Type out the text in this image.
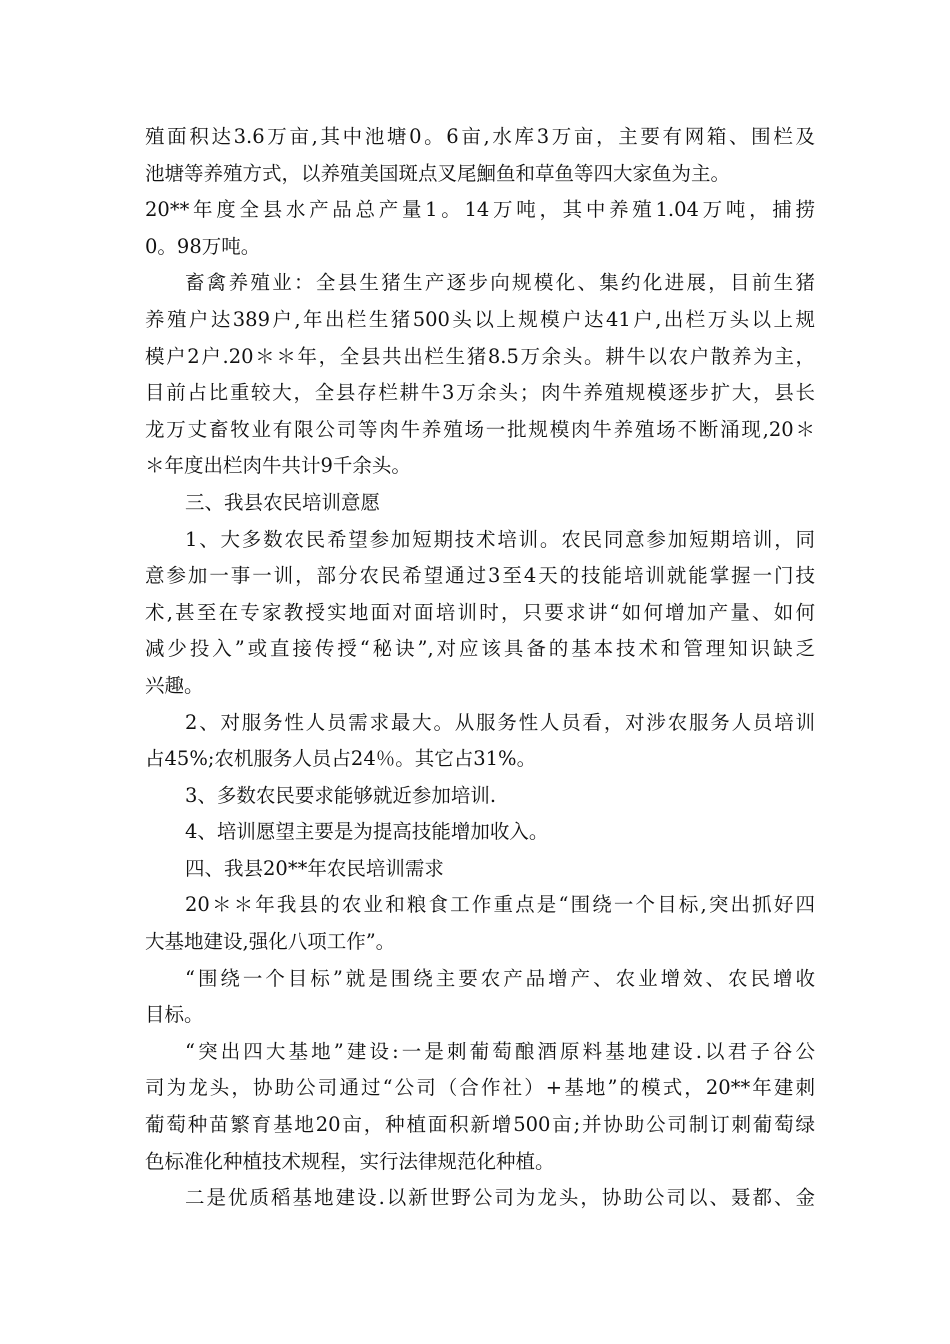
殖面积达3.6万亩,其中池塘0。6亩,水库3万亩，主要有网箱、围栏及
池塘等养殖方式，以养殖美国斑点叉尾鮰鱼和草鱼等四大家鱼为主。
20**年度全县水产品总产量1。14万吨，其中养殖1.04万吨，捕捞
0。98万吨。
畜禽养殖业：全县生猪生产逐步向规模化、集约化进展，目前生猪
养殖户达389户,年出栏生猪500头以上规模户达41户,出栏万头以上规
模户2户.20＊＊年，全县共出栏生猪8.5万余头。耕牛以农户散养为主，
目前占比重较大，全县存栏耕牛3万余头；肉牛养殖规模逐步扩大，县长
龙万丈畜牧业有限公司等肉牛养殖场一批规模肉牛养殖场不断涌现,20＊
＊年度出栏肉牛共计9千余头。
三、我县农民培训意愿
1、大多数农民希望参加短期技术培训。农民同意参加短期培训，同
意参加一事一训，部分农民希望通过3至4天的技能培训就能掌握一门技
术,甚至在专家教授实地面对面培训时，只要求讲“如何增加产量、如何
减少投入”或直接传授“秘诀”,对应该具备的基本技术和管理知识缺乏
兴趣。
2、对服务性人员需求最大。从服务性人员看，对涉农服务人员培训
占45%;农机服务人员占24％。其它占31%。
3、多数农民要求能够就近参加培训.
4、培训愿望主要是为提高技能增加收入。
四、我县20**年农民培训需求
20＊＊年我县的农业和粮食工作重点是“围绕一个目标,突出抓好四
大基地建设,强化八项工作”。
“围绕一个目标”就是围绕主要农产品增产、农业增效、农民增收
目标。
“突出四大基地”建设:一是刺葡萄酿酒原料基地建设.以君子谷公
司为龙头，协助公司通过“公司（合作社）+基地”的模式，20**年建刺
葡萄种苗繁育基地20亩，种植面积新增500亩;并协助公司制订刺葡萄绿
色标准化种植技术规程，实行法律规范化种植。
二是优质稻基地建设.以新世野公司为龙头，协助公司以、聂都、金
